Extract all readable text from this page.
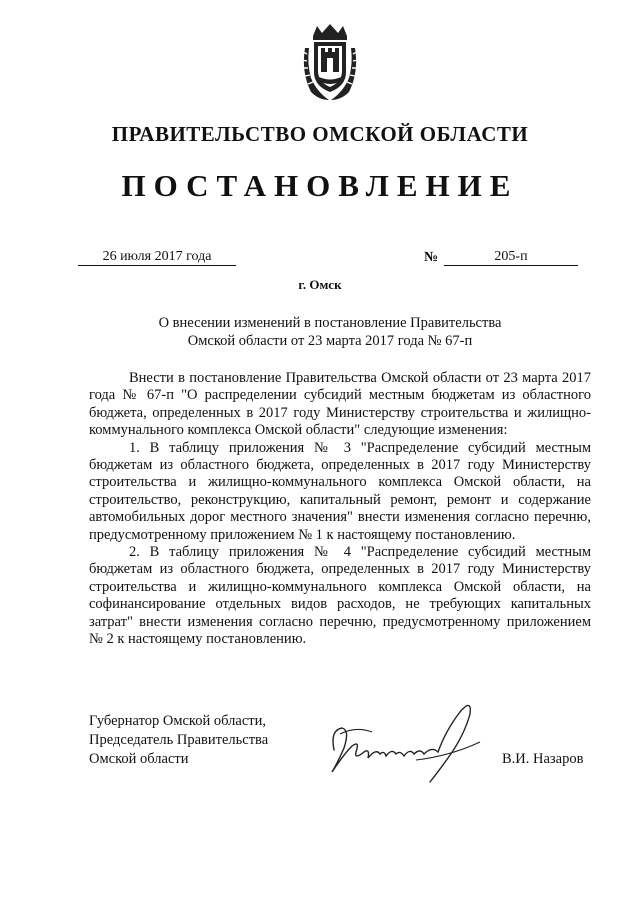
ПРАВИТЕЛЬСТВО ОМСКОЙ ОБЛАСТИ
ПОСТАНОВЛЕНИЕ
26 июля 2017 года	№	205-п
г. Омск
О внесении изменений в постановление Правительства
Омской области от 23 марта 2017 года № 67-п

Внести в постановление Правительства Омской области от 23 марта 2017 года № 67-п "О распределении субсидий местным бюджетам из областного бюджета, определенных в 2017 году Министерству строительства и жилищно-коммунального комплекса Омской области" следующие изменения:

1. В таблицу приложения № 3 "Распределение субсидий местным бюджетам из областного бюджета, определенных в 2017 году Министерству строительства и жилищно-коммунального комплекса Омской области, на строительство, реконструкцию, капитальный ремонт, ремонт и содержание автомобильных дорог местного значения" внести изменения согласно перечню, предусмотренному приложением № 1 к настоящему постановлению.

2. В таблицу приложения № 4 "Распределение субсидий местным бюджетам из областного бюджета, определенных в 2017 году Министерству строительства и жилищно-коммунального комплекса Омской области, на софинансирование отдельных видов расходов, не требующих капитальных затрат" внести изменения согласно перечню, предусмотренному приложением № 2 к настоящему постановлению.

Губернатор Омской области,
Председатель Правительства
Омской области	В.И. Назаров
